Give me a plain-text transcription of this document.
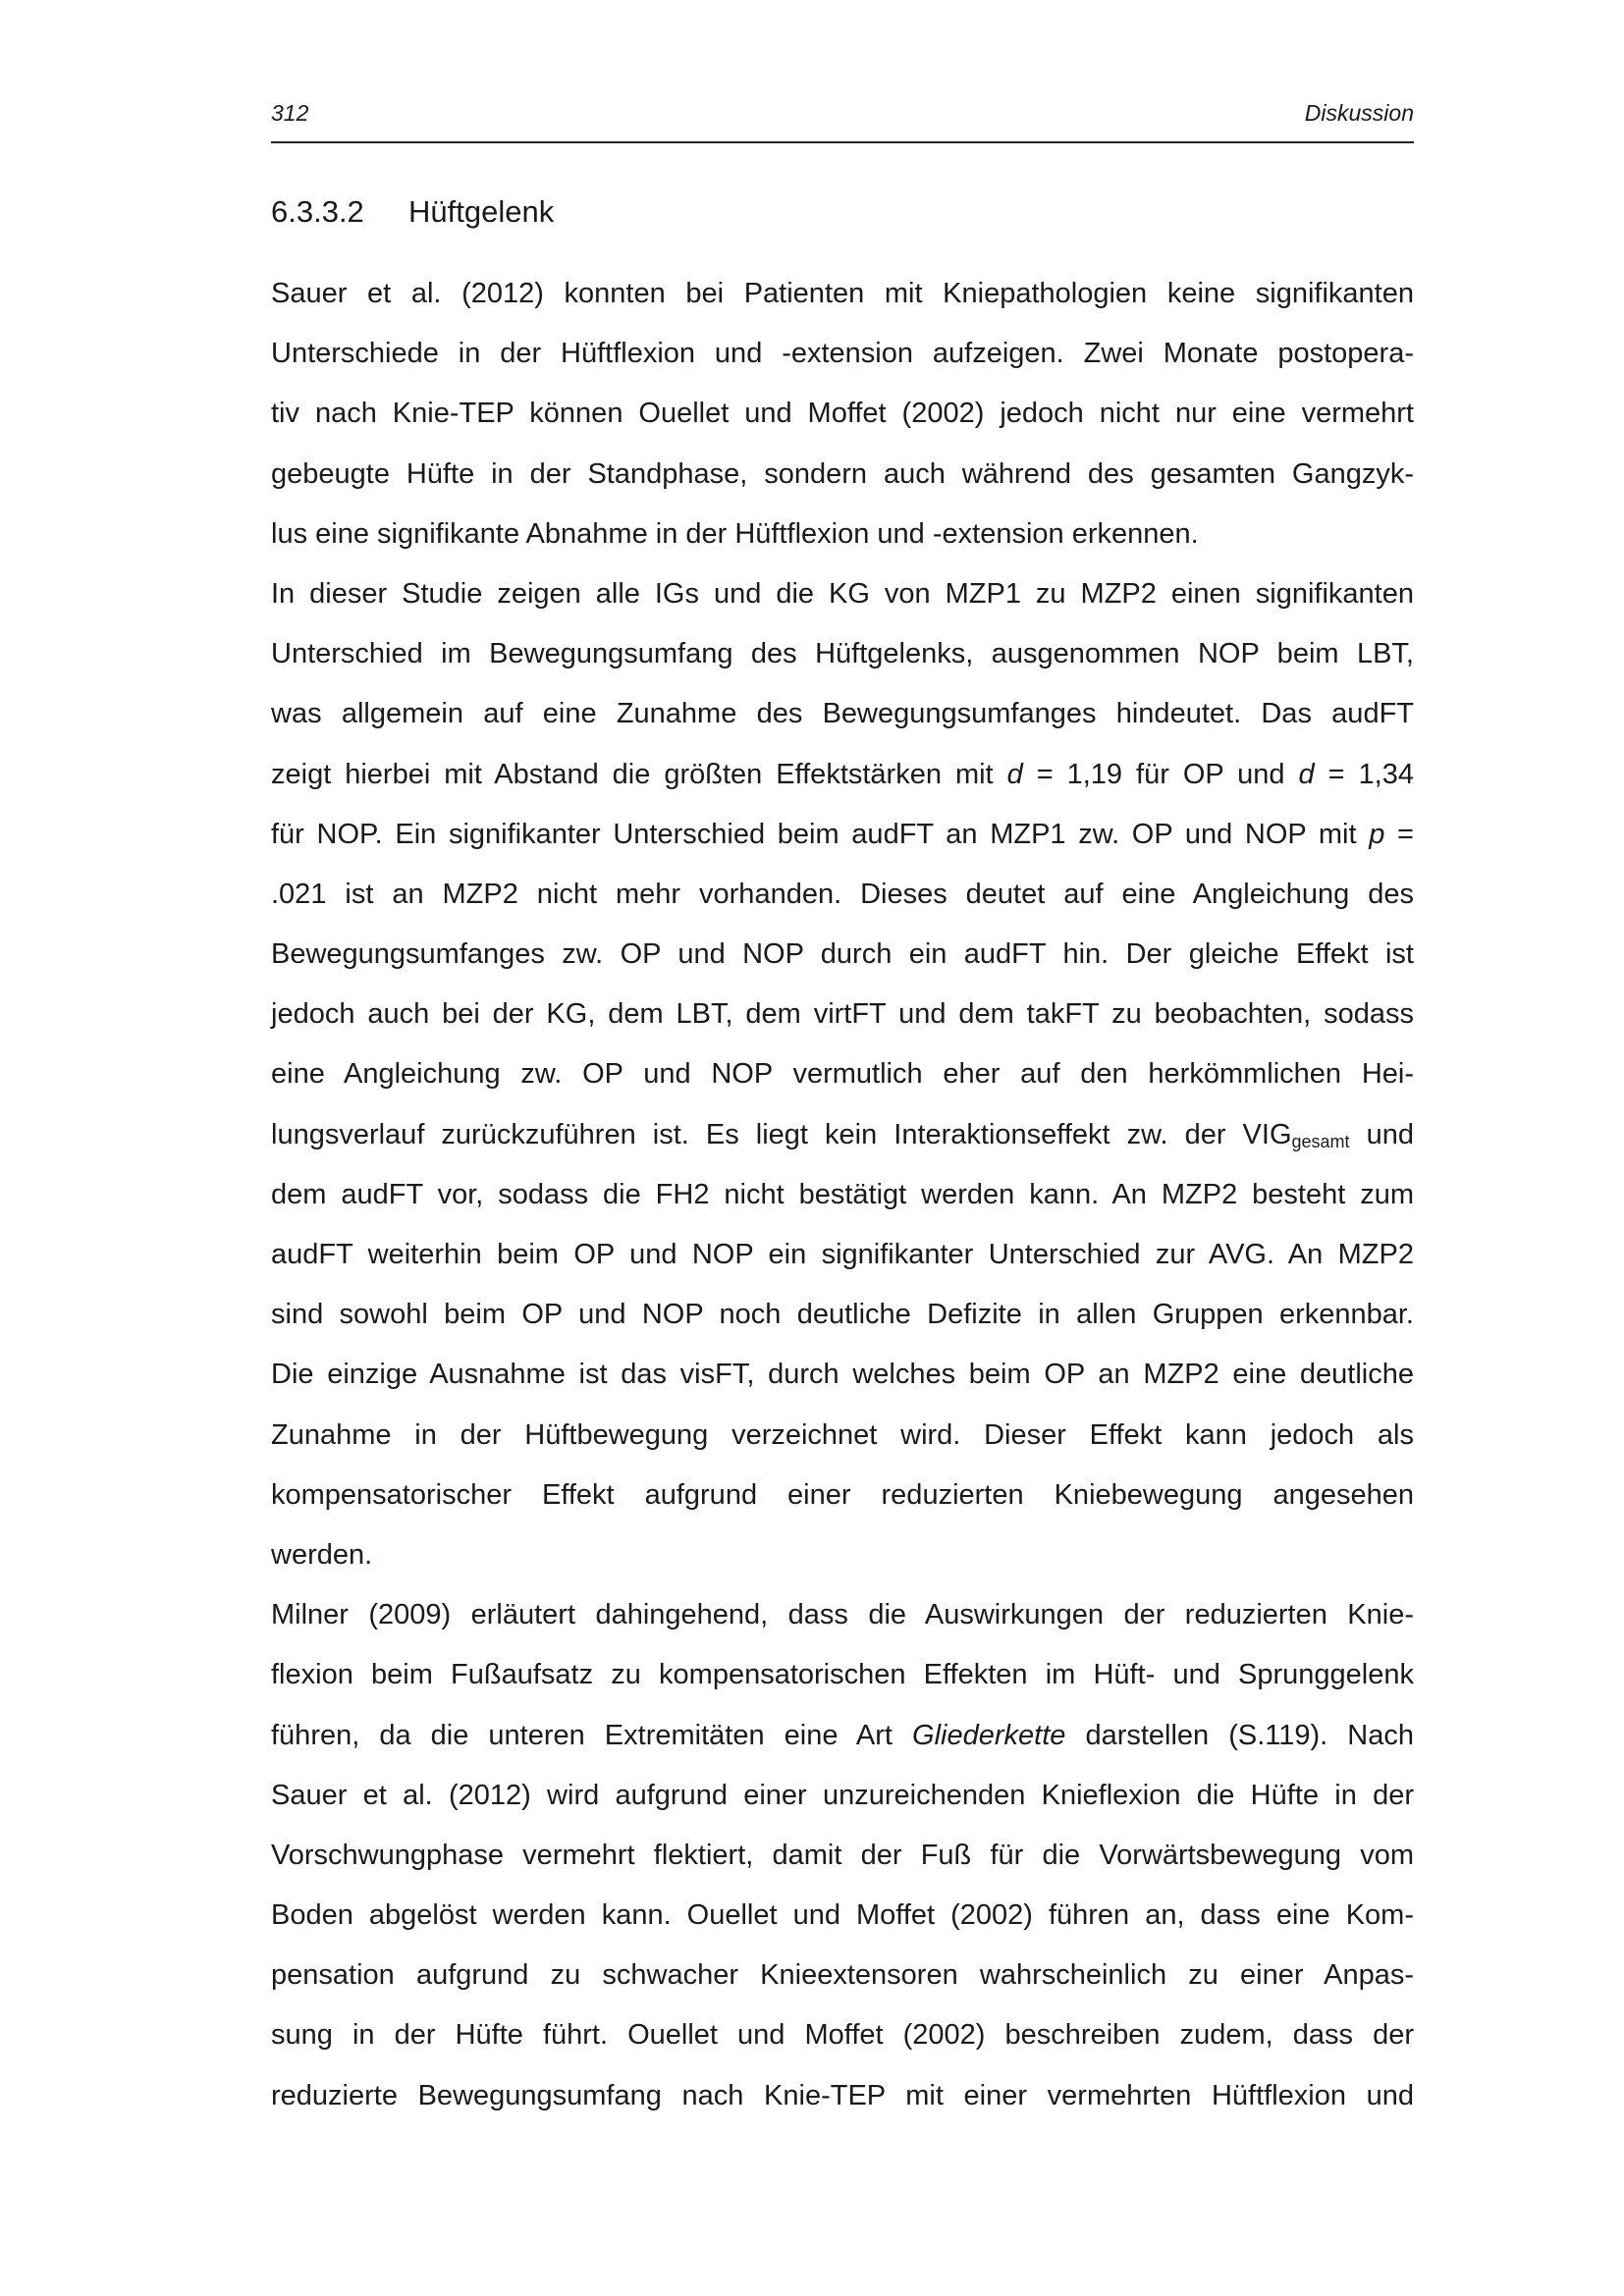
312	Diskussion
6.3.3.2 Hüftgelenk
Sauer et al. (2012) konnten bei Patienten mit Kniepathologien keine signifikanten
Unterschiede in der Hüftflexion und -extension aufzeigen. Zwei Monate postopera-
tiv nach Knie-TEP können Ouellet und Moffet (2002) jedoch nicht nur eine vermehrt
gebeugte Hüfte in der Standphase, sondern auch während des gesamten Gangzyk-
lus eine signifikante Abnahme in der Hüftflexion und -extension erkennen.
In dieser Studie zeigen alle IGs und die KG von MZP1 zu MZP2 einen signifikanten
Unterschied im Bewegungsumfang des Hüftgelenks, ausgenommen NOP beim LBT,
was allgemein auf eine Zunahme des Bewegungsumfanges hindeutet. Das audFT
zeigt hierbei mit Abstand die größten Effektstärken mit d = 1,19 für OP und d = 1,34
für NOP. Ein signifikanter Unterschied beim audFT an MZP1 zw. OP und NOP mit p =
.021 ist an MZP2 nicht mehr vorhanden. Dieses deutet auf eine Angleichung des
Bewegungsumfanges zw. OP und NOP durch ein audFT hin. Der gleiche Effekt ist
jedoch auch bei der KG, dem LBT, dem virtFT und dem takFT zu beobachten, sodass
eine Angleichung zw. OP und NOP vermutlich eher auf den herkömmlichen Hei-
lungsverlauf zurückzuführen ist. Es liegt kein Interaktionseffekt zw. der $VIG_{gesamt}$ und
dem audFT vor, sodass die FH2 nicht bestätigt werden kann. An MZP2 besteht zum
audFT weiterhin beim OP und NOP ein signifikanter Unterschied zur AVG. An MZP2
sind sowohl beim OP und NOP noch deutliche Defizite in allen Gruppen erkennbar.
Die einzige Ausnahme ist das visFT, durch welches beim OP an MZP2 eine deutliche
Zunahme in der Hüftbewegung verzeichnet wird. Dieser Effekt kann jedoch als
kompensatorischer Effekt aufgrund einer reduzierten Kniebewegung angesehen
werden.
Milner (2009) erläutert dahingehend, dass die Auswirkungen der reduzierten Knie-
flexion beim Fußaufsatz zu kompensatorischen Effekten im Hüft- und Sprunggelenk
führen, da die unteren Extremitäten eine Art Gliederkette darstellen (S.119). Nach
Sauer et al. (2012) wird aufgrund einer unzureichenden Knieflexion die Hüfte in der
Vorschwungphase vermehrt flektiert, damit der Fuß für die Vorwärtsbewegung vom
Boden abgelöst werden kann. Ouellet und Moffet (2002) führen an, dass eine Kom-
pensation aufgrund zu schwacher Knieextensoren wahrscheinlich zu einer Anpas-
sung in der Hüfte führt. Ouellet und Moffet (2002) beschreiben zudem, dass der
reduzierte Bewegungsumfang nach Knie-TEP mit einer vermehrten Hüftflexion und
